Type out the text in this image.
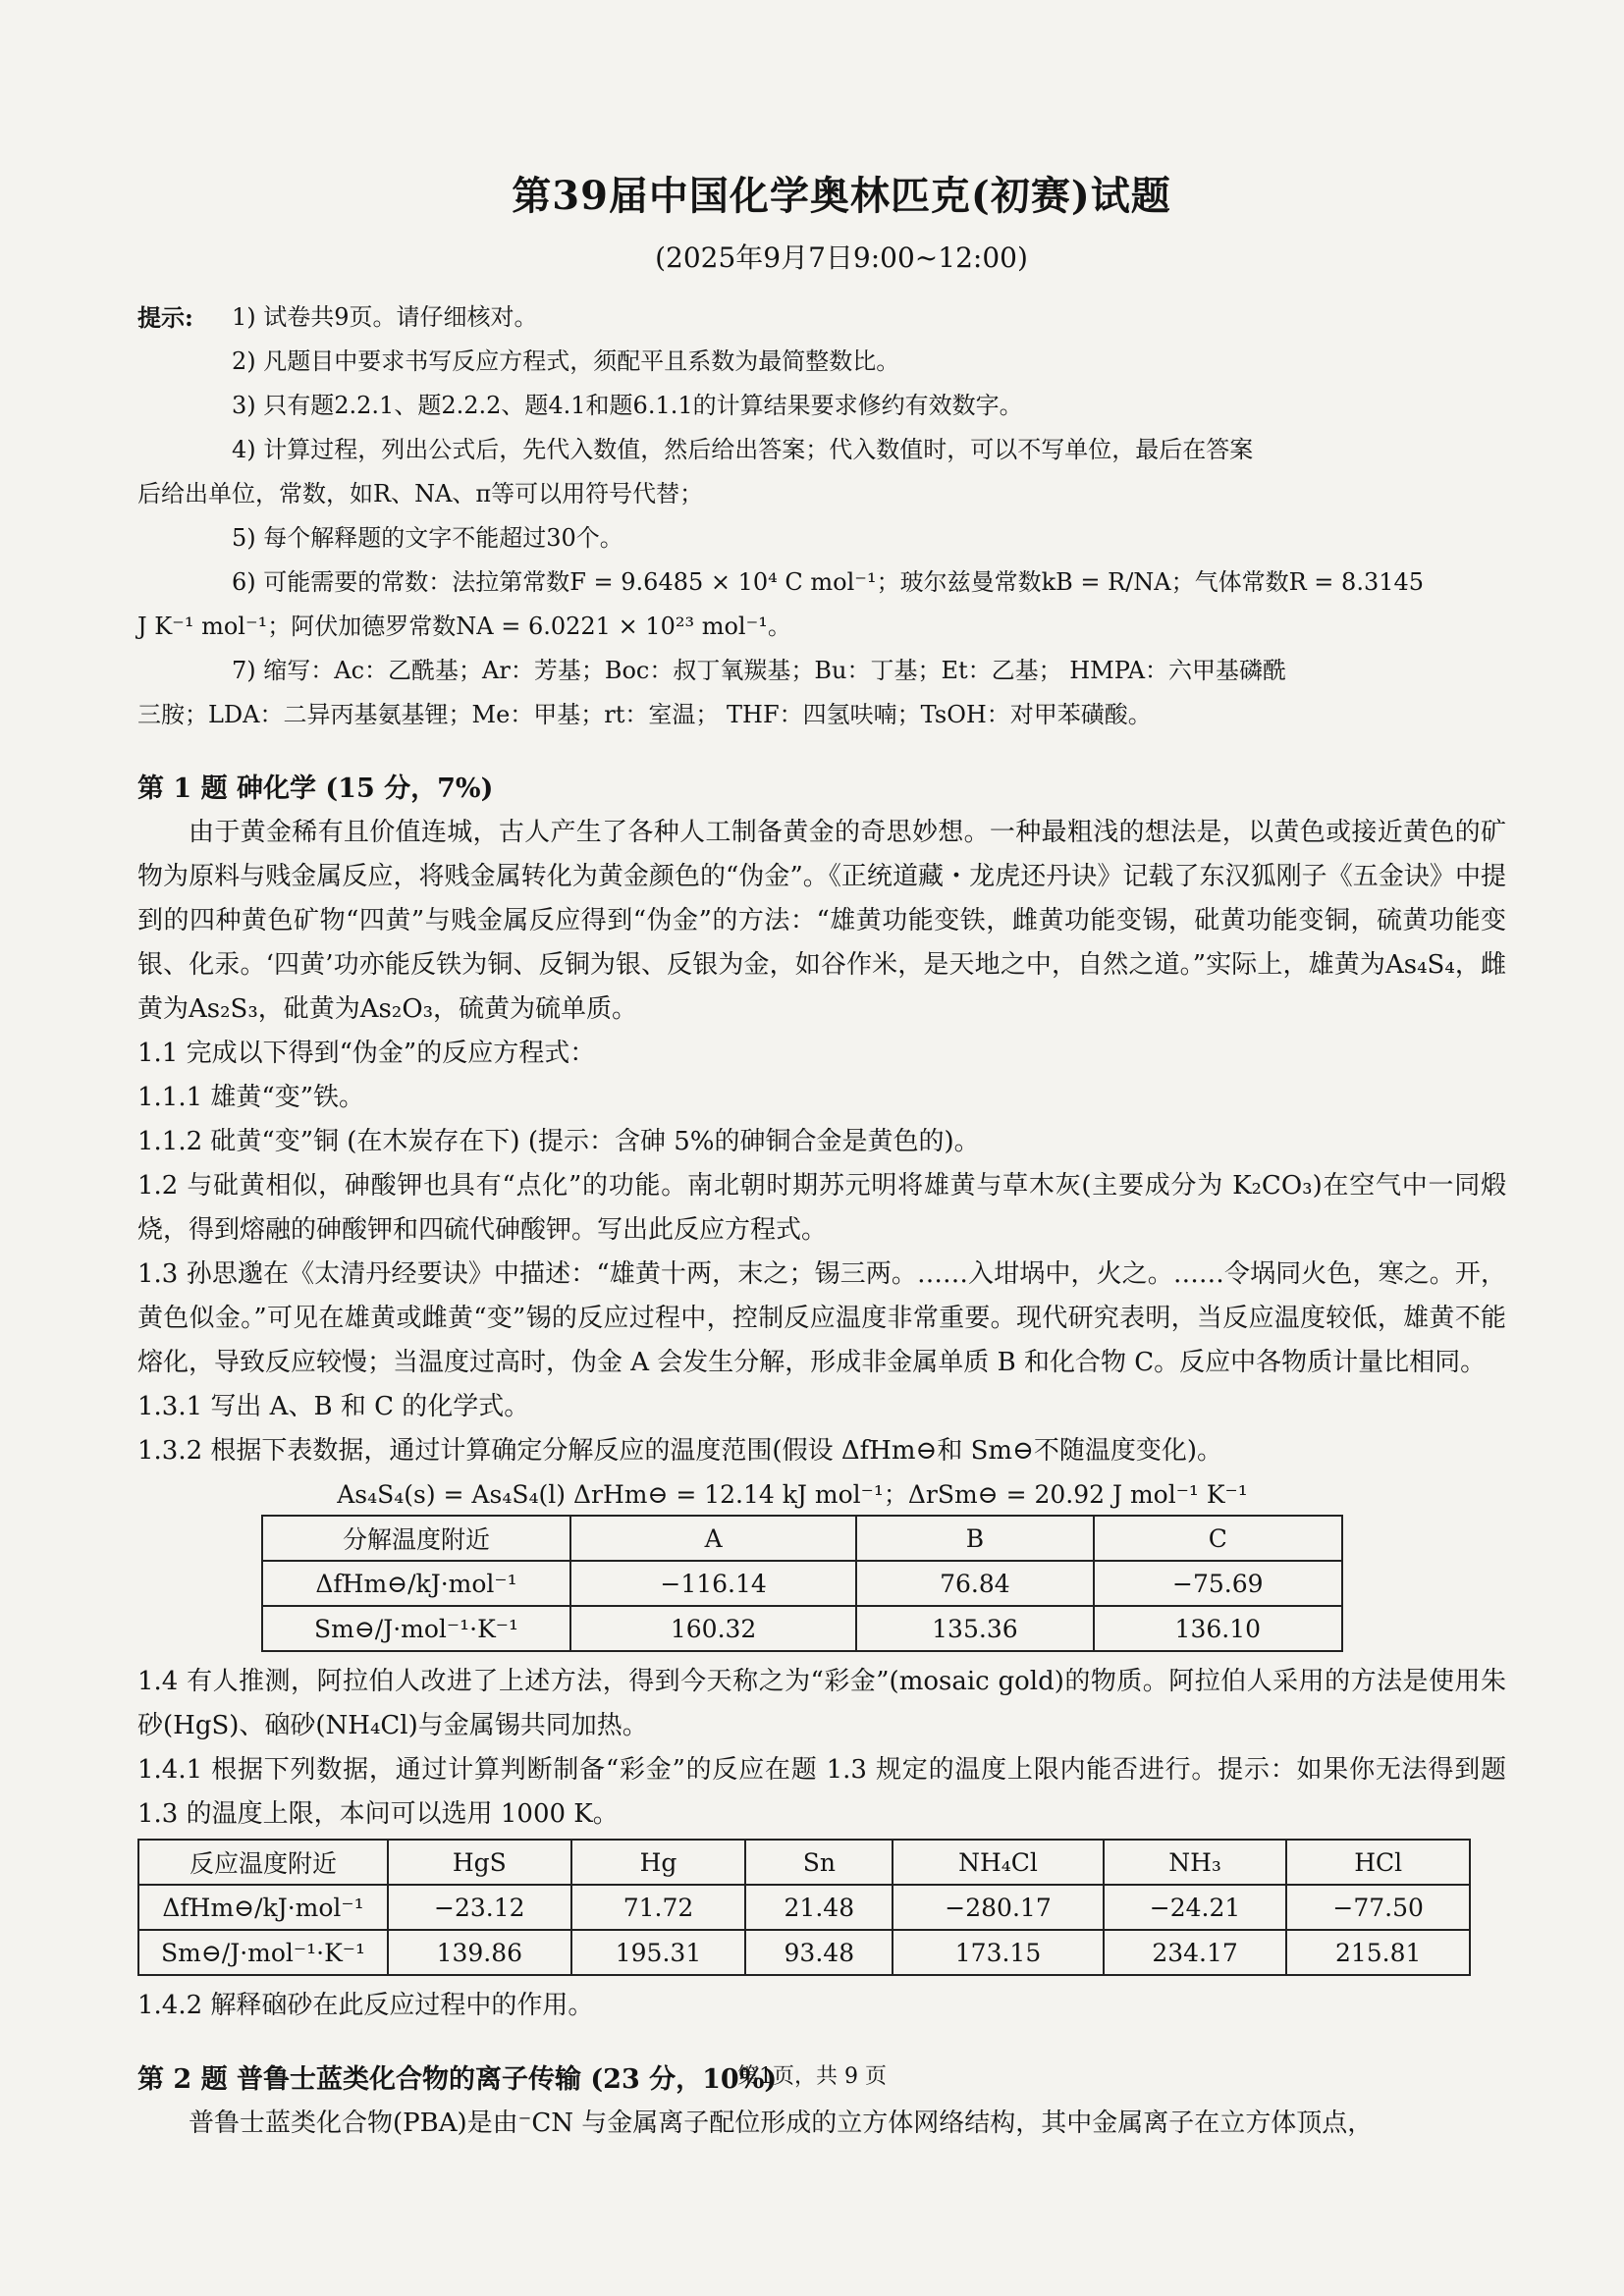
第39届中国化学奥林匹克(初赛)试题
(2025年9月7日9:00~12:00)
提示:	1) 试卷共9页。请仔细核对。
2) 凡题目中要求书写反应方程式，须配平且系数为最简整数比。
3) 只有题2.2.1、题2.2.2、题4.1和题6.1.1的计算结果要求修约有效数字。
4) 计算过程，列出公式后，先代入数值，然后给出答案；代入数值时，可以不写单位，最后在答案
后给出单位，常数，如R、NA、π等可以用符号代替；
5) 每个解释题的文字不能超过30个。
6) 可能需要的常数：法拉第常数F = 9.6485 × 10⁴ C mol⁻¹；玻尔兹曼常数kB = R/NA；气体常数R = 8.3145
J K⁻¹ mol⁻¹；阿伏加德罗常数NA = 6.0221 × 10²³ mol⁻¹。
7) 缩写：Ac：乙酰基；Ar：芳基；Boc：叔丁氧羰基；Bu：丁基；Et：乙基； HMPA：六甲基磷酰
三胺；LDA：二异丙基氨基锂；Me：甲基；rt：室温； THF：四氢呋喃；TsOH：对甲苯磺酸。
第 1 题 砷化学 (15 分，7%)
由于黄金稀有且价值连城，古人产生了各种人工制备黄金的奇思妙想。一种最粗浅的想法是，以黄色或接近黄色的矿物为原料与贱金属反应，将贱金属转化为黄金颜色的“伪金”。《正统道藏・龙虎还丹诀》记载了东汉狐刚子《五金诀》中提到的四种黄色矿物“四黄”与贱金属反应得到“伪金”的方法：“雄黄功能变铁，雌黄功能变锡，砒黄功能变铜，硫黄功能变银、化汞。‘四黄’功亦能反铁为铜、反铜为银、反银为金，如谷作米，是天地之中，自然之道。”实际上，雄黄为As₄S₄，雌黄为As₂S₃，砒黄为As₂O₃，硫黄为硫单质。
1.1 完成以下得到“伪金”的反应方程式：
1.1.1 雄黄“变”铁。
1.1.2 砒黄“变”铜 (在木炭存在下) (提示：含砷 5%的砷铜合金是黄色的)。
1.2 与砒黄相似，砷酸钾也具有“点化”的功能。南北朝时期苏元明将雄黄与草木灰(主要成分为 K₂CO₃)在空气中一同煅烧，得到熔融的砷酸钾和四硫代砷酸钾。写出此反应方程式。
1.3 孙思邈在《太清丹经要诀》中描述：“雄黄十两，末之；锡三两。……入坩埚中，火之。……令埚同火色，寒之。开，黄色似金。”可见在雄黄或雌黄“变”锡的反应过程中，控制反应温度非常重要。现代研究表明，当反应温度较低，雄黄不能熔化，导致反应较慢；当温度过高时，伪金 A 会发生分解，形成非金属单质 B 和化合物 C。反应中各物质计量比相同。
1.3.1 写出 A、B 和 C 的化学式。
1.3.2 根据下表数据，通过计算确定分解反应的温度范围(假设 ΔfHm⊖和 Sm⊖不随温度变化)。
As₄S₄(s) = As₄S₄(l) ΔrHm⊖ = 12.14 kJ mol⁻¹；ΔrSm⊖ = 20.92 J mol⁻¹ K⁻¹
分解温度附近	A	B	C
ΔfHm⊖/kJ·mol⁻¹	−116.14	76.84	−75.69
Sm⊖/J·mol⁻¹·K⁻¹	160.32	135.36	136.10
1.4 有人推测，阿拉伯人改进了上述方法，得到今天称之为“彩金”(mosaic gold)的物质。阿拉伯人采用的方法是使用朱砂(HgS)、硇砂(NH₄Cl)与金属锡共同加热。
1.4.1 根据下列数据，通过计算判断制备“彩金”的反应在题 1.3 规定的温度上限内能否进行。提示：如果你无法得到题 1.3 的温度上限，本问可以选用 1000 K。
反应温度附近	HgS	Hg	Sn	NH₄Cl	NH₃	HCl
ΔfHm⊖/kJ·mol⁻¹	−23.12	71.72	21.48	−280.17	−24.21	−77.50
Sm⊖/J·mol⁻¹·K⁻¹	139.86	195.31	93.48	173.15	234.17	215.81
1.4.2 解释硇砂在此反应过程中的作用。
第 2 题 普鲁士蓝类化合物的离子传输 (23 分，10%)
普鲁士蓝类化合物(PBA)是由⁻CN 与金属离子配位形成的立方体网络结构，其中金属离子在立方体顶点，
第1页，共 9 页
